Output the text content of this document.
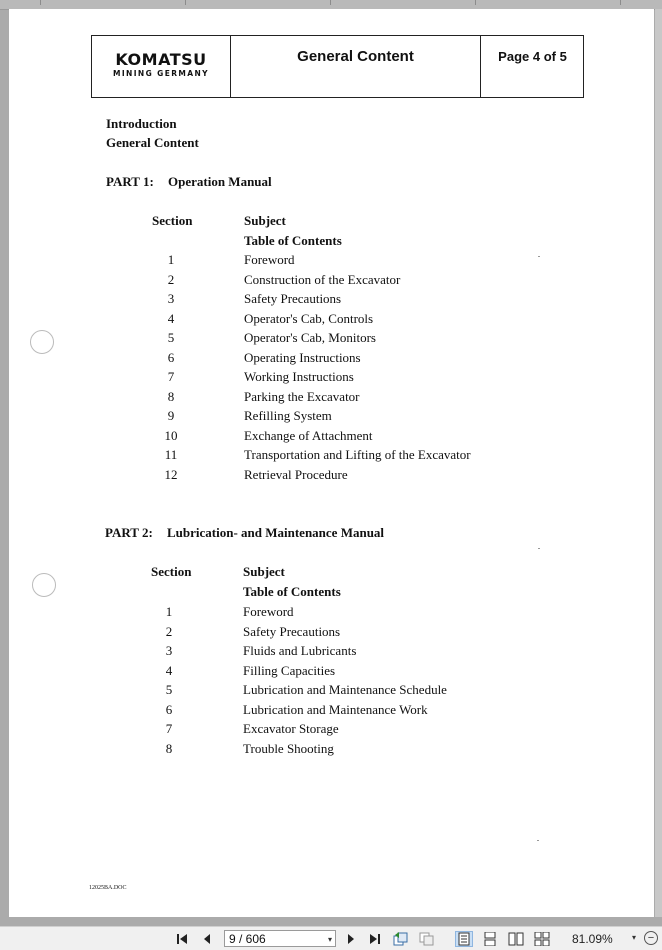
KOMATSU
MINING GERMANY
General Content	Page 4 of 5
Introduction
General Content
PART 1: Operation Manual
Section	Subject
Table of Contents
1	Foreword
2	Construction of the Excavator
3	Safety Precautions
4	Operator's Cab, Controls
5	Operator's Cab, Monitors
6	Operating Instructions
7	Working Instructions
8	Parking the Excavator
9	Refilling System
10	Exchange of Attachment
11	Transportation and Lifting of the Excavator
12	Retrieval Procedure
PART 2: Lubrication- and Maintenance Manual
Section	Subject
Table of Contents
1	Foreword
2	Safety Precautions
3	Fluids and Lubricants
4	Filling Capacities
5	Lubrication and Maintenance Schedule
6	Lubrication and Maintenance Work
7	Excavator Storage
8	Trouble Shooting
12025BA.DOC
9 / 606	▾	81.09% ▾	−
